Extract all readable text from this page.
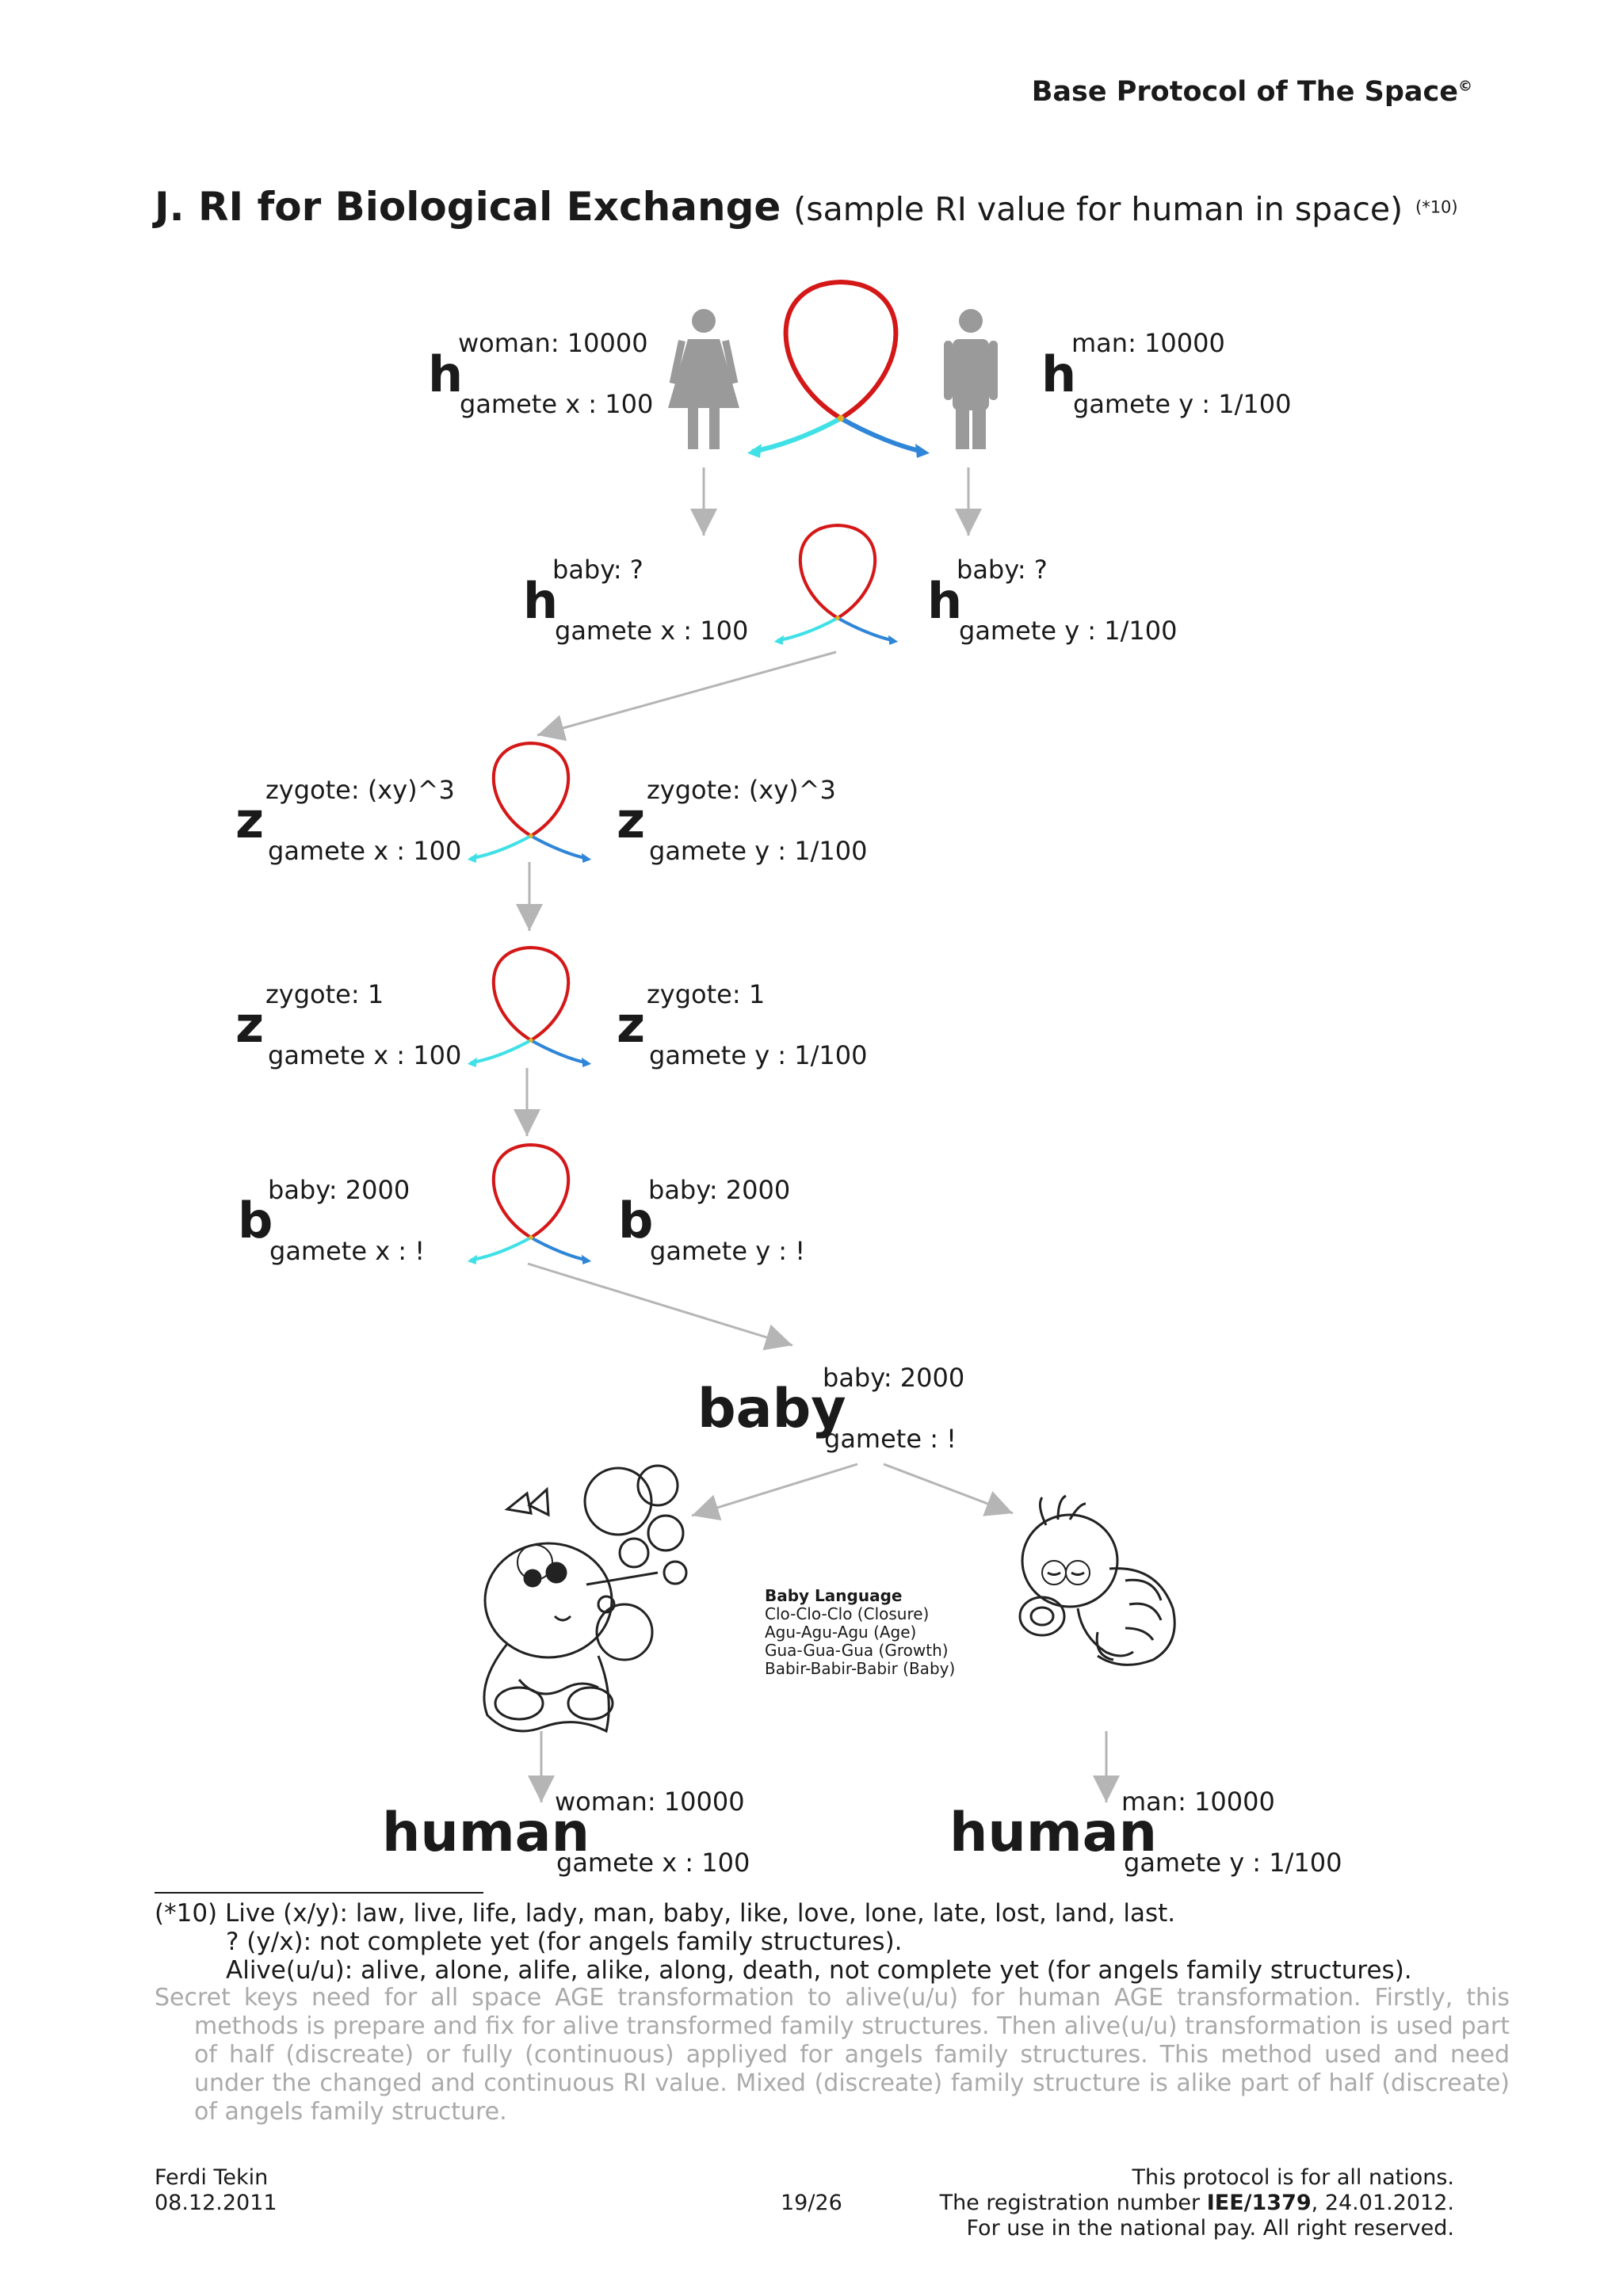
Base Protocol of The Space©
J. RI for Biological Exchange (sample RI value for human in space) $^{(*10)}$
h
woman: 10000
gamete x : 100
h
man: 10000
gamete y : 1/100
h
baby: ?
gamete x : 100
h
baby: ?
gamete y : 1/100
z
zygote: (xy)^3
gamete x : 100
z
zygote: (xy)^3
gamete y : 1/100
z
zygote: 1
gamete x : 100
z
zygote: 1
gamete y : 1/100
b
baby: 2000
gamete x : !
b
baby: 2000
gamete y : !
baby
baby: 2000
gamete : !
Baby Language
Clo-Clo-Clo (Closure)
Agu-Agu-Agu (Age)
Gua-Gua-Gua (Growth)
Babir-Babir-Babir (Baby)
human
woman: 10000
gamete x : 100	human
man: 10000
gamete y : 1/100
(*10) Live (x/y): law, live, life, lady, man, baby, like, love, lone, late, lost, land, last.
? (y/x): not complete yet (for angels family structures).
Alive(u/u): alive, alone, alife, alike, along, death, not complete yet (for angels family structures).
Secret keys need for all space AGE transformation to alive(u/u) for human AGE transformation. Firstly, this methods is prepare and fix for alive transformed family structures. Then alive(u/u) transformation is used part of half (discreate) or fully (continuous) appliyed for angels family structures. This method used and need under the changed and continuous RI value. Mixed (discreate) family structure is alike part of half (discreate) of angels family structure.
Ferdi Tekin
08.12.2011	19/26
This protocol is for all nations.
The registration number IEE/1379, 24.01.2012.
For use in the national pay. All right reserved.
